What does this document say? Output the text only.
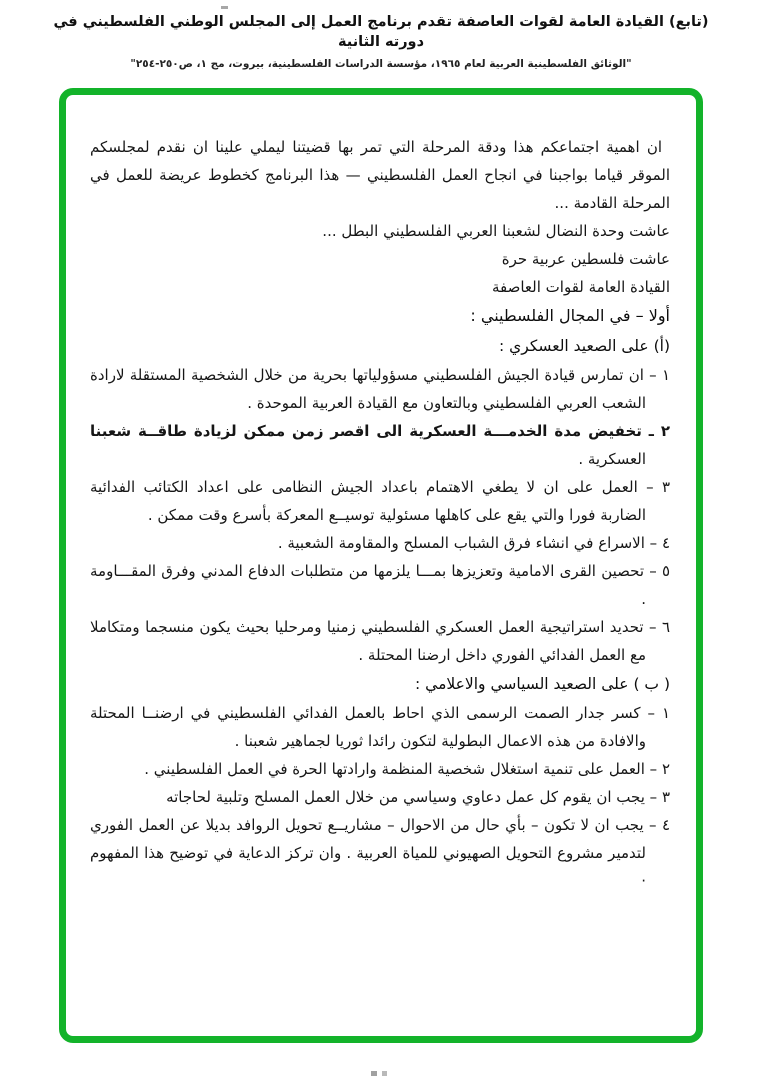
(تابع) القيادة العامة لقوات العاصفة تقدم برنامج العمل إلى المجلس الوطني الفلسطيني في دورته الثانية
"الوثائق الفلسطينية العربية لعام ١٩٦٥، مؤسسة الدراسات الفلسطينية، بيروت، مج ١، ص٢٥٠-٢٥٤"

ان اهمية اجتماعكم هذا ودقة المرحلة التي تمر بها قضيتنا ليملي علينا ان نقدم لمجلسكم الموقر قياما بواجبنا في انجاح العمل الفلسطيني — هذا البرنامج كخطوط عريضة للعمل في المرحلة القادمة ...

عاشت وحدة النضال لشعبنا العربي الفلسطيني البطل ...

عاشت فلسطين عربية حرة

القيادة العامة لقوات العاصفة

أولا – في المجال الفلسطيني :
(أ) على الصعيد العسكري :

١ – ان تمارس قيادة الجيش الفلسطيني مسؤولياتها بحرية من خلال الشخصية المستقلة لارادة الشعب العربي الفلسطيني وبالتعاون مع القيادة العربية الموحدة .

٢ ـ تخفيض مدة الخدمـــة العسكرية الى اقصر زمن ممكن لزيادة طاقــة شعبنا العسكرية .

٣ – العمل على ان لا يطغي الاهتمام باعداد الجيش النظامى على اعداد الكتائب الفدائية الضاربة فورا والتي يقع على كاهلها مسئولية توسيــع المعركة بأسرع وقت ممكن .

٤ – الاسراع في انشاء فرق الشباب المسلح والمقاومة الشعبية .

٥ – تحصين القرى الامامية وتعزيزها بمـــا يلزمها من متطلبات الدفاع المدني وفرق المقـــاومة .

٦ – تحديد استراتيجية العمل العسكري الفلسطيني زمنيا ومرحليا بحيث يكون منسجما ومتكاملا مع العمل الفدائي الفوري داخل ارضنا المحتلة .

( ب ) على الصعيد السياسي والاعلامي :

١ – كسر جدار الصمت الرسمى الذي احاط بالعمل الفدائي الفلسطيني في ارضنــا المحتلة والافادة من هذه الاعمال البطولية لتكون رائدا ثوريا لجماهير شعبنا .

٢ – العمل على تنمية استغلال شخصية المنظمة وارادتها الحرة في العمل الفلسطيني .

٣ – يجب ان يقوم كل عمل دعاوي وسياسي من خلال العمل المسلح وتلبية لحاجاته

٤ – يجب ان لا تكون – بأي حال من الاحوال – مشاريــع تحويل الروافد بديلا عن العمل الفوري لتدمير مشروع التحويل الصهيوني للمياة العربية . وان تركز الدعاية في توضيح هذا المفهوم ·
